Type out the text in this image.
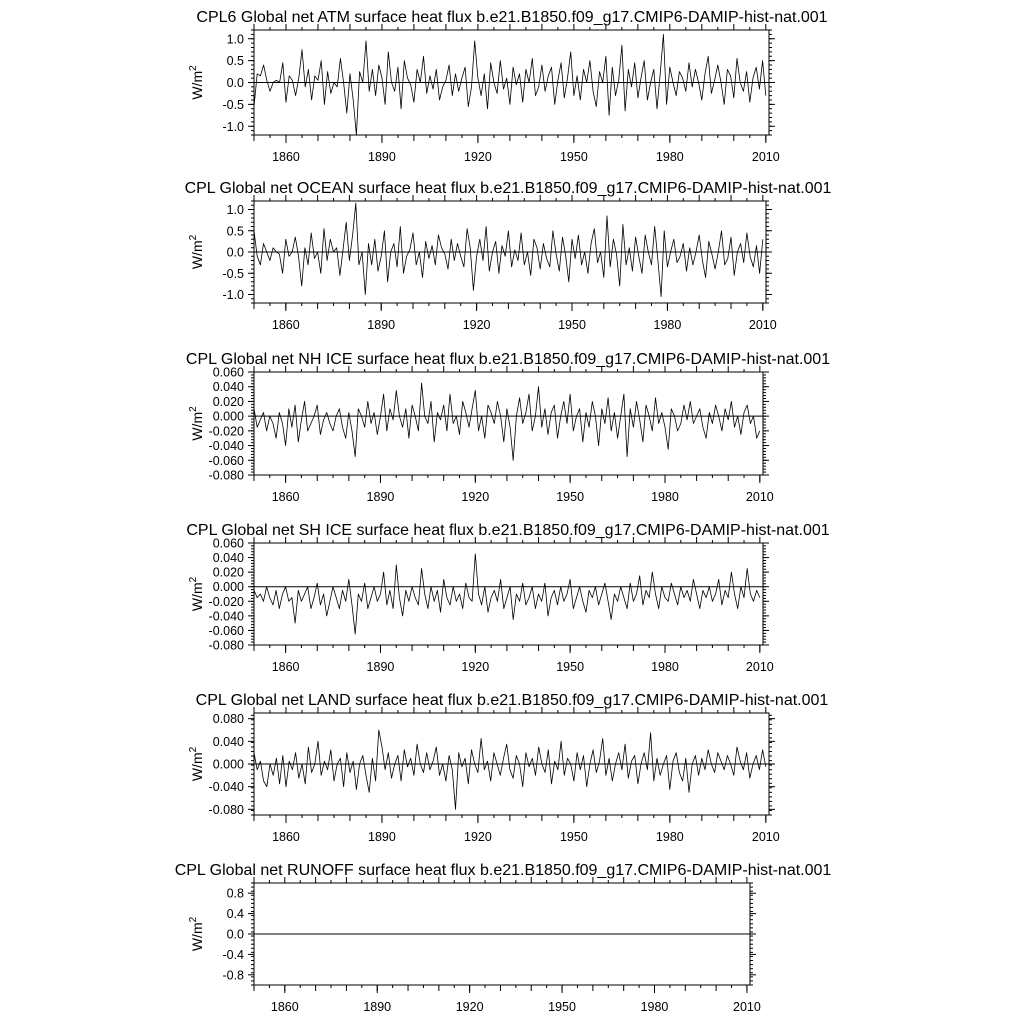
CPL6 Global net ATM surface heat flux b.e21.B1850.f09_g17.CMIP6-DAMIP-hist-nat.001
1860	1890	1920	1950	1980	2010
1.0
0.5
0.0
-0.5
-1.0
$W/m^2$
CPL Global net OCEAN surface heat flux b.e21.B1850.f09_g17.CMIP6-DAMIP-hist-nat.001
1860	1890	1920	1950	1980	2010
1.0
0.5
0.0
-0.5
-1.0
$W/m^2$
CPL Global net NH ICE surface heat flux b.e21.B1850.f09_g17.CMIP6-DAMIP-hist-nat.001
1860	1890	1920	1950	1980	2010
0.060
0.040
0.020
0.000
-0.020
-0.040
-0.060
-0.080
$W/m^2$
CPL Global net SH ICE surface heat flux b.e21.B1850.f09_g17.CMIP6-DAMIP-hist-nat.001
1860	1890	1920	1950	1980	2010
0.060
0.040
0.020
0.000
-0.020
-0.040
-0.060
-0.080
$W/m^2$
CPL Global net LAND surface heat flux b.e21.B1850.f09_g17.CMIP6-DAMIP-hist-nat.001
1860	1890	1920	1950	1980	2010
0.080
0.040
0.000
-0.040
-0.080
$W/m^2$
CPL Global net RUNOFF surface heat flux b.e21.B1850.f09_g17.CMIP6-DAMIP-hist-nat.001
1860	1890	1920	1950	1980	2010
0.8
0.4
0.0
-0.4
-0.8
$W/m^2$
